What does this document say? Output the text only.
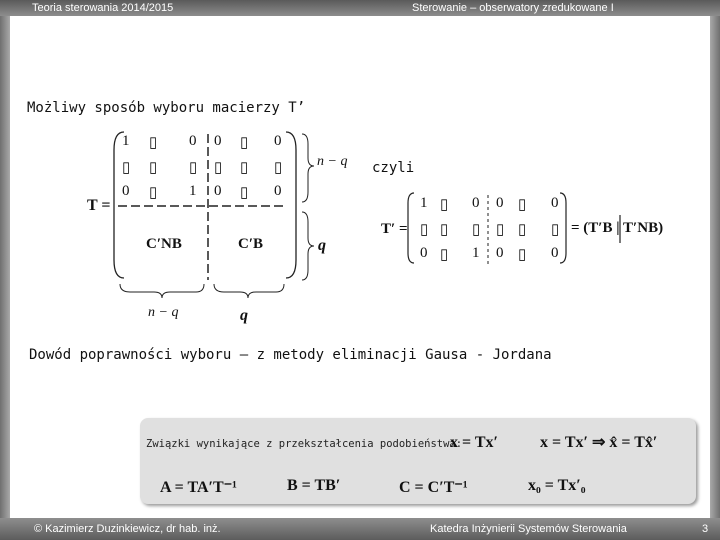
Teoria sterowania 2014/2015	Sterowanie – obserwatory zredukowane I
Możliwy sposób wyboru macierzy T’
T =
1 ▯ 0 0 ▯ 0
▯ ▯ ▯ ▯ ▯ ▯
0 ▯ 1 0 ▯ 0
C′NB	C′B
n − q
q
n − q	q
czyli
T′ =
1 ▯ 0 0 ▯ 0
▯ ▯ ▯ ▯ ▯ ▯
0 ▯ 1 0 ▯ 0
= (T′B | T′NB)
Dowód poprawności wyboru – z metody eliminacji Gausa - Jordana
Związki wynikające z przekształcenia podobieństwa:
x = Tx′	x = Tx′ ⇒ x̂ = Tx̂′
A = TA′T⁻¹	B = TB′	C = C′T⁻¹	x₀ = Tx′₀
© Kazimierz Duzinkiewicz, dr hab. inż.	Katedra Inżynierii Systemów Sterowania	3
